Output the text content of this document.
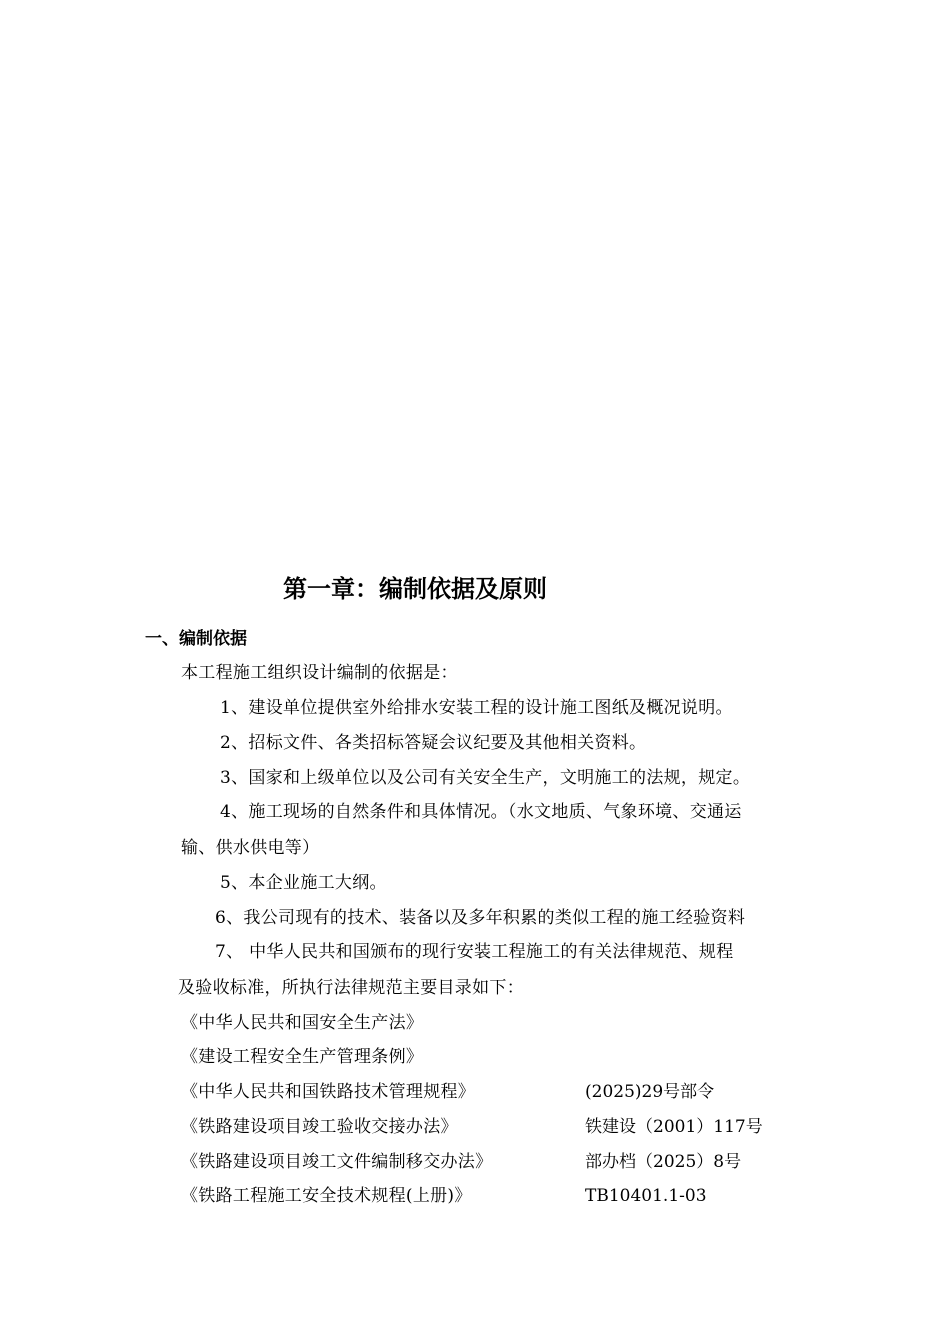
第一章：编制依据及原则
一、编制依据
本工程施工组织设计编制的依据是：
1、建设单位提供室外给排水安装工程的设计施工图纸及概况说明。
2、招标文件、各类招标答疑会议纪要及其他相关资料。
3、国家和上级单位以及公司有关安全生产，文明施工的法规，规定。
4、施工现场的自然条件和具体情况。（水文地质、气象环境、交通运
输、供水供电等）
5、本企业施工大纲。
6、我公司现有的技术、装备以及多年积累的类似工程的施工经验资料
7、 中华人民共和国颁布的现行安装工程施工的有关法律规范、规程
及验收标准，所执行法律规范主要目录如下：
《中华人民共和国安全生产法》
《建设工程安全生产管理条例》
《中华人民共和国铁路技术管理规程》	(2025)29号部令
《铁路建设项目竣工验收交接办法》	铁建设（2001）117号
《铁路建设项目竣工文件编制移交办法》	部办档（2025）8号
《铁路工程施工安全技术规程(上册)》	TB10401.1-03
